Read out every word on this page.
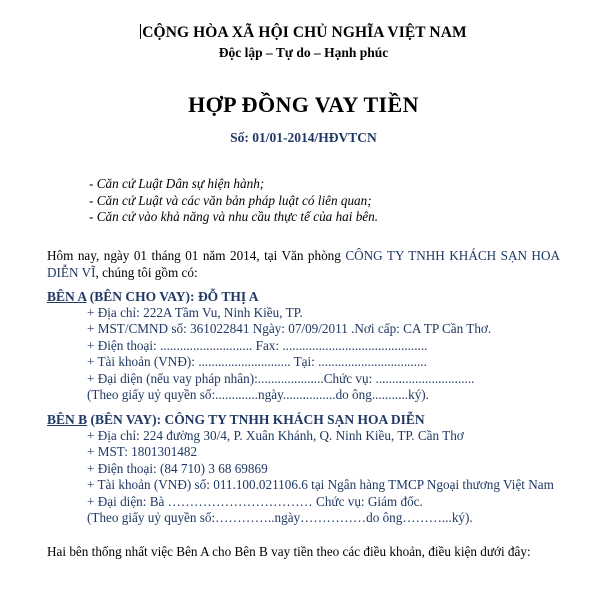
CỘNG HÒA XÃ HỘI CHỦ NGHĨA VIỆT NAM
Độc lập – Tự do – Hạnh phúc
HỢP ĐỒNG VAY TIỀN
Số: 01/01-2014/HĐVTCN
- Căn cứ Luật Dân sự hiện hành;
- Căn cứ Luật và các văn bản pháp luật có liên quan;
- Căn cứ vào khả năng và nhu cầu thực tế của hai bên.
Hôm nay, ngày 01 tháng 01 năm 2014, tại Văn phòng CÔNG TY TNHH KHÁCH SẠN HOA DIỄN VĨ, chúng tôi gồm có:
BÊN A (BÊN CHO VAY): ĐỖ THỊ A
+ Địa chỉ: 222A Tầm Vu, Ninh Kiều, TP.
+ MST/CMND số: 361022841 Ngày: 07/09/2011 .Nơi cấp: CA TP Cần Thơ.
+ Điện thoại: ............................ Fax: ............................................
+ Tài khoản (VNĐ): ............................ Tại: .................................
+ Đại diện (nếu vay pháp nhân):....................Chức vụ: ..............................
(Theo giấy uỷ quyền số:.............ngày................do ông...........ký).
BÊN B (BÊN VAY): CÔNG TY TNHH KHÁCH SẠN HOA DIỄN
+ Địa chỉ: 224 đường 30/4, P. Xuân Khánh, Q. Ninh Kiều, TP. Cần Thơ
+ MST: 1801301482
+ Điện thoại: (84 710) 3 68 69869
+ Tài khoản (VNĐ) số: 011.100.021106.6 tại Ngân hàng TMCP Ngoại thương Việt Nam
+ Đại diện: Bà …………………………… Chức vụ: Giám đốc.
(Theo giấy uỷ quyền số:…………..ngày……………do ông………...ký).
Hai bên thống nhất việc Bên A cho Bên B vay tiền theo các điều khoản, điều kiện dưới đây:
